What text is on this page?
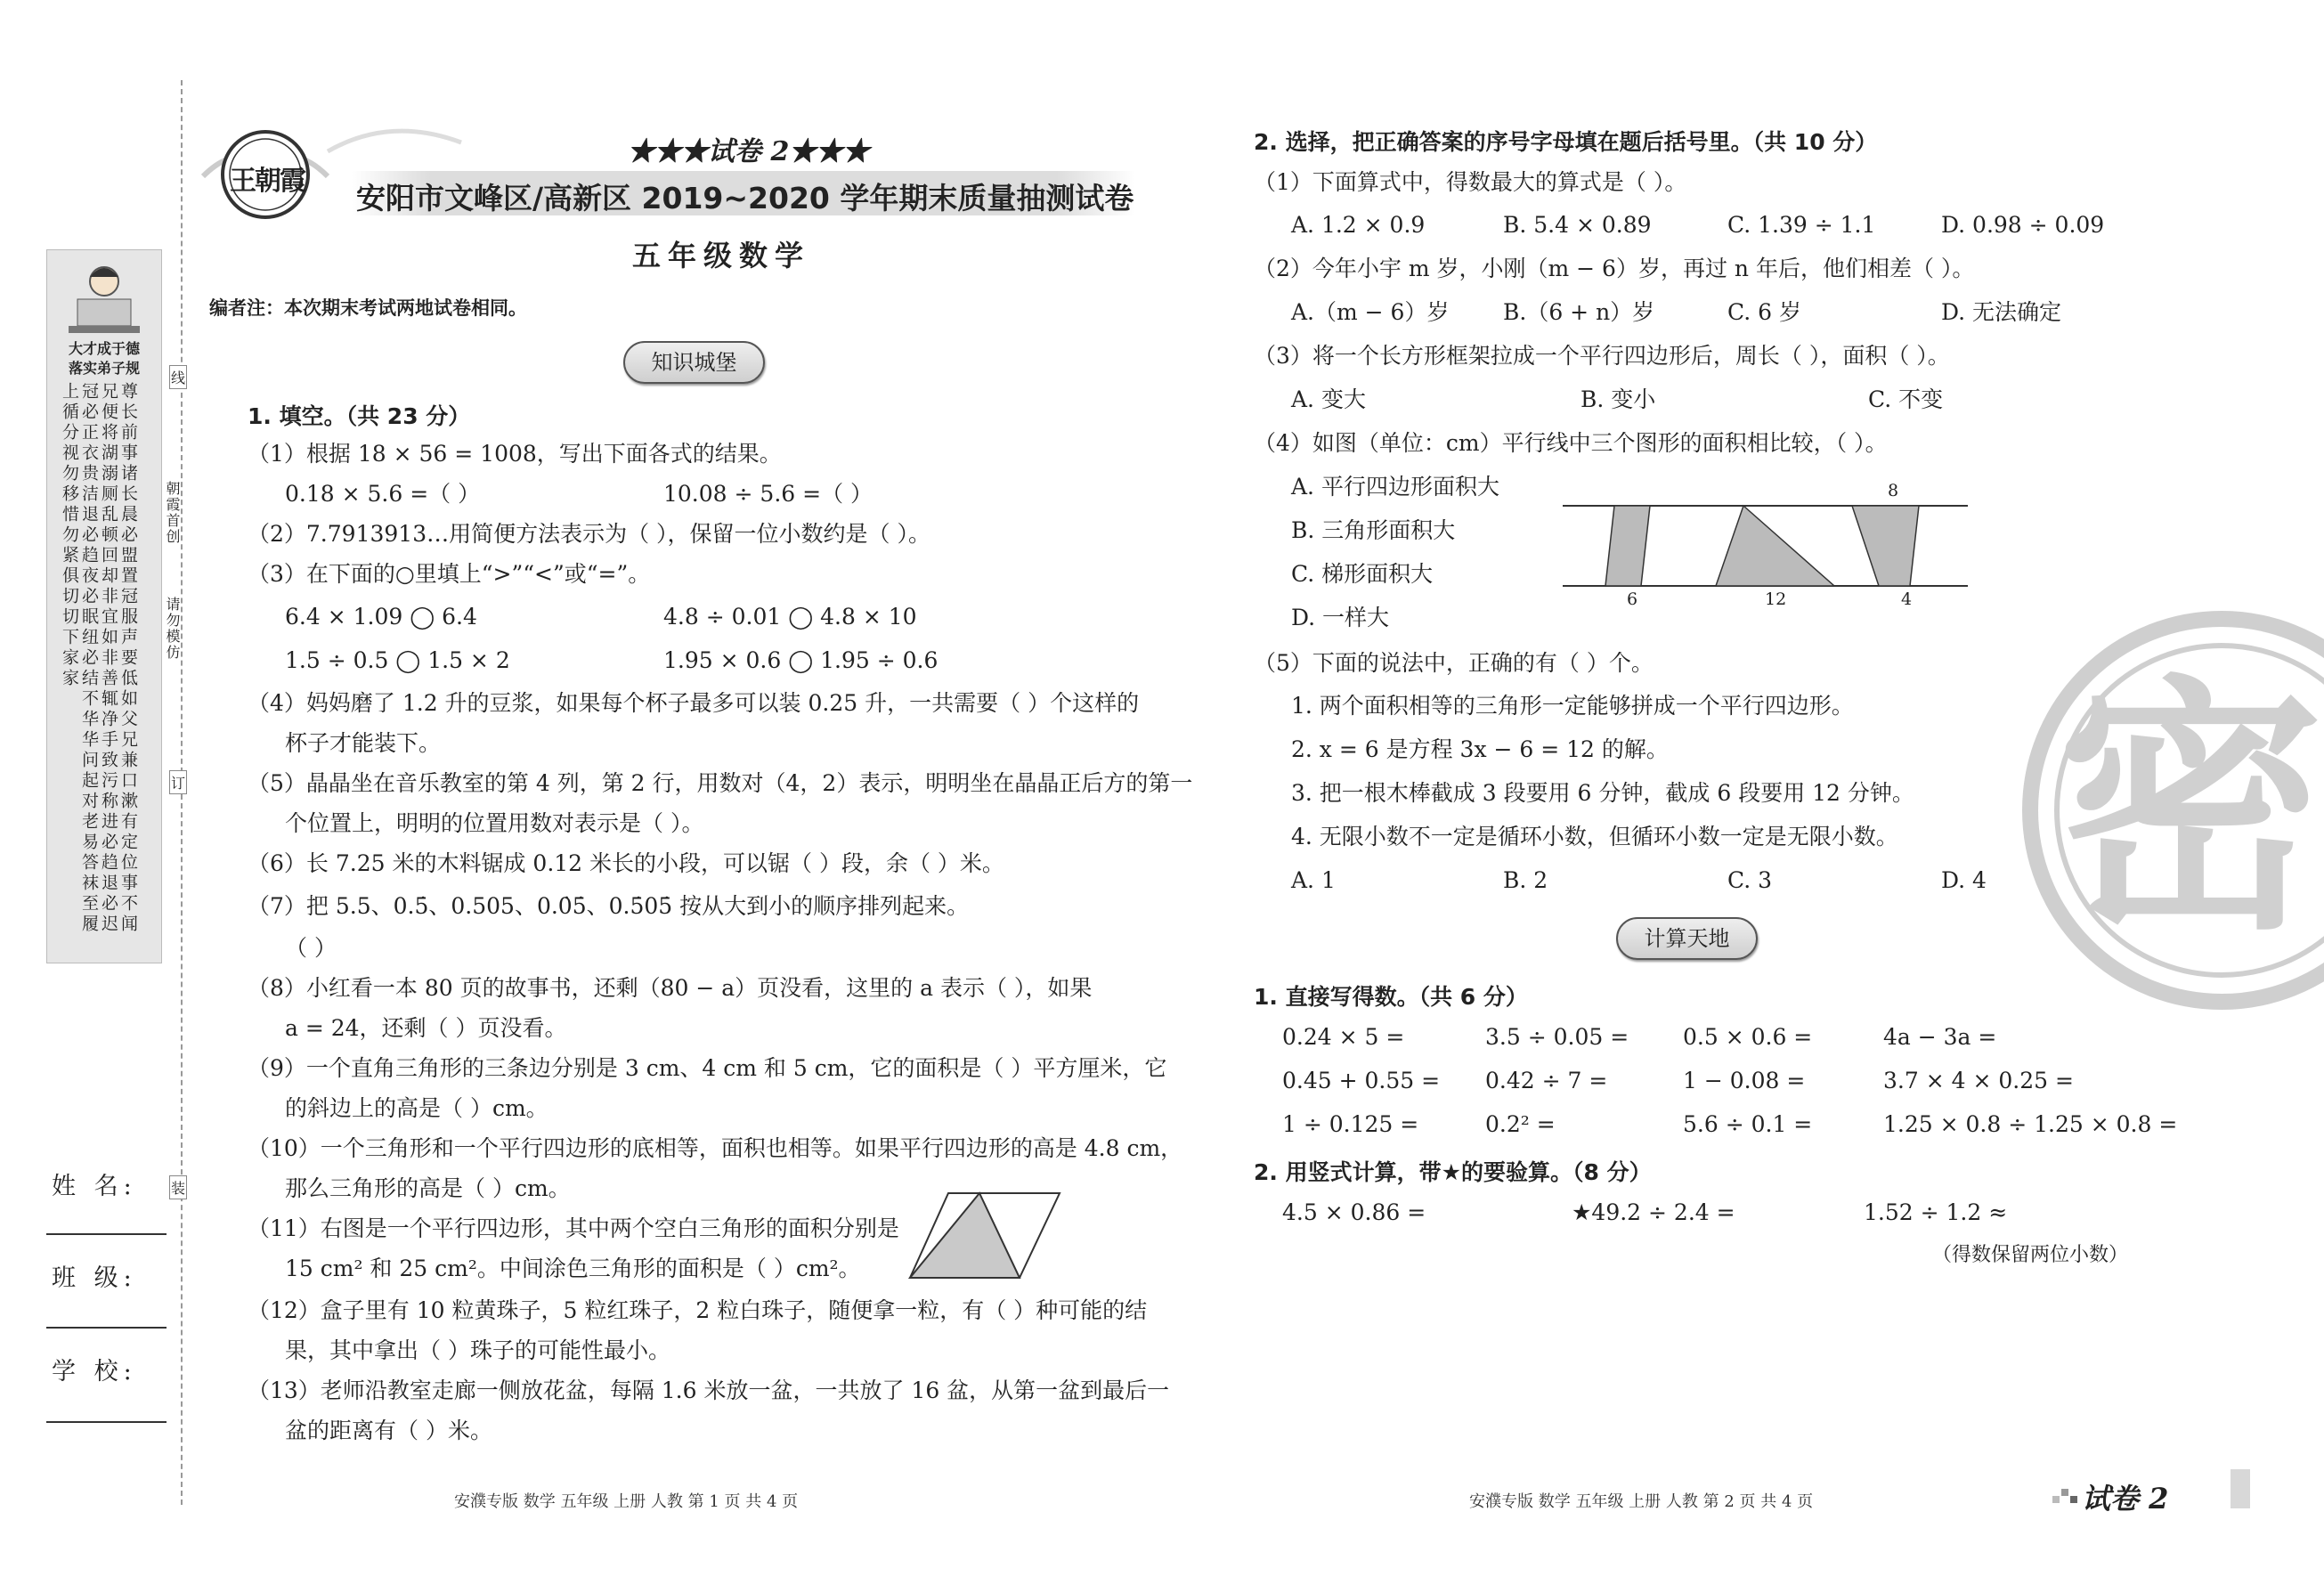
大才成于德
落实弟子规
尊长前事诸长晨必盟置冠服声要低如父兄兼口漱有定位事不闻兄便将湖溺厕乱顿回却非宜如非善辄净手致污称进必趋退必迟冠必正衣贵洁退必趋夜必眠纽必结不华华问起对老易答袜至履上循分视勿移惜勿紧俱切切下家家	朝霞首创
请勿模仿
线
订
装
姓 名:
班 级:
学 校:
王朝霞
★★★试卷 2★★★
安阳市文峰区/高新区 2019~2020 学年期末质量抽测试卷
五年级数学
编者注：本次期末考试两地试卷相同。
知识城堡
1. 填空。（共 23 分）
（1）根据 18 × 56 = 1008，写出下面各式的结果。
0.18 × 5.6 =（ ）	10.08 ÷ 5.6 =（ ）
（2）7.7913913…用简便方法表示为（ ），保留一位小数约是（ ）。
（3）在下面的○里填上“>”“<”或“=”。
6.4 × 1.09 ◯ 6.4	4.8 ÷ 0.01 ◯ 4.8 × 10
1.5 ÷ 0.5 ◯ 1.5 × 2	1.95 × 0.6 ◯ 1.95 ÷ 0.6
（4）妈妈磨了 1.2 升的豆浆，如果每个杯子最多可以装 0.25 升，一共需要（ ）个这样的
杯子才能装下。
（5）晶晶坐在音乐教室的第 4 列，第 2 行，用数对（4，2）表示，明明坐在晶晶正后方的第一
个位置上，明明的位置用数对表示是（ ）。
（6）长 7.25 米的木料锯成 0.12 米长的小段，可以锯（ ）段，余（ ）米。
（7）把 5.5、0.5̇、0.505、0.0̇5̇、0.5̇05̇ 按从大到小的顺序排列起来。
（ ）
（8）小红看一本 80 页的故事书，还剩（80 − a）页没看，这里的 a 表示（ ），如果
a = 24，还剩（ ）页没看。
（9）一个直角三角形的三条边分别是 3 cm、4 cm 和 5 cm，它的面积是（ ）平方厘米，它
的斜边上的高是（ ）cm。
（10）一个三角形和一个平行四边形的底相等，面积也相等。如果平行四边形的高是 4.8 cm，
那么三角形的高是（ ）cm。
（11）右图是一个平行四边形，其中两个空白三角形的面积分别是
15 cm² 和 25 cm²。中间涂色三角形的面积是（ ）cm²。
（12）盒子里有 10 粒黄珠子，5 粒红珠子，2 粒白珠子，随便拿一粒，有（ ）种可能的结
果，其中拿出（ ）珠子的可能性最小。
（13）老师沿教室走廊一侧放花盆，每隔 1.6 米放一盆，一共放了 16 盆，从第一盆到最后一
盆的距离有（ ）米。
安濮专版 数学 五年级 上册 人教 第 1 页 共 4 页
2. 选择，把正确答案的序号字母填在题后括号里。（共 10 分）
（1）下面算式中，得数最大的算式是（ ）。
A. 1.2 × 0.9	B. 5.4 × 0.89	C. 1.39 ÷ 1.1	D. 0.98 ÷ 0.09
（2）今年小宇 m 岁，小刚（m − 6）岁，再过 n 年后，他们相差（ ）。
A.（m − 6）岁 B.（6 + n）岁	C. 6 岁	D. 无法确定
（3）将一个长方形框架拉成一个平行四边形后，周长（ ），面积（ ）。
A. 变大	B. 变小	C. 不变
（4）如图（单位：cm）平行线中三个图形的面积相比较，（ ）。
A. 平行四边形面积大
B. 三角形面积大
C. 梯形面积大
D. 一样大
8
6	12	4
（5）下面的说法中，正确的有（ ）个。
1. 两个面积相等的三角形一定能够拼成一个平行四边形。
2. x = 6 是方程 3x − 6 = 12 的解。
3. 把一根木棒截成 3 段要用 6 分钟，截成 6 段要用 12 分钟。
4. 无限小数不一定是循环小数，但循环小数一定是无限小数。
A. 1	B. 2	C. 3	D. 4
计算天地
1. 直接写得数。（共 6 分）
0.24 × 5 =	3.5 ÷ 0.05 = 0.5 × 0.6 =	4a − 3a =
0.45 + 0.55 = 0.42 ÷ 7 =	1 − 0.08 =	3.7 × 4 × 0.25 =
1 ÷ 0.125 =	0.2² =	5.6 ÷ 0.1 =	1.25 × 0.8 ÷ 1.25 × 0.8 =
2. 用竖式计算，带★的要验算。（8 分）
4.5 × 0.86 =	★49.2 ÷ 2.4 =	1.52 ÷ 1.2 ≈
（得数保留两位小数）
密
安濮专版 数学 五年级 上册 人教 第 2 页 共 4 页	试卷 2
